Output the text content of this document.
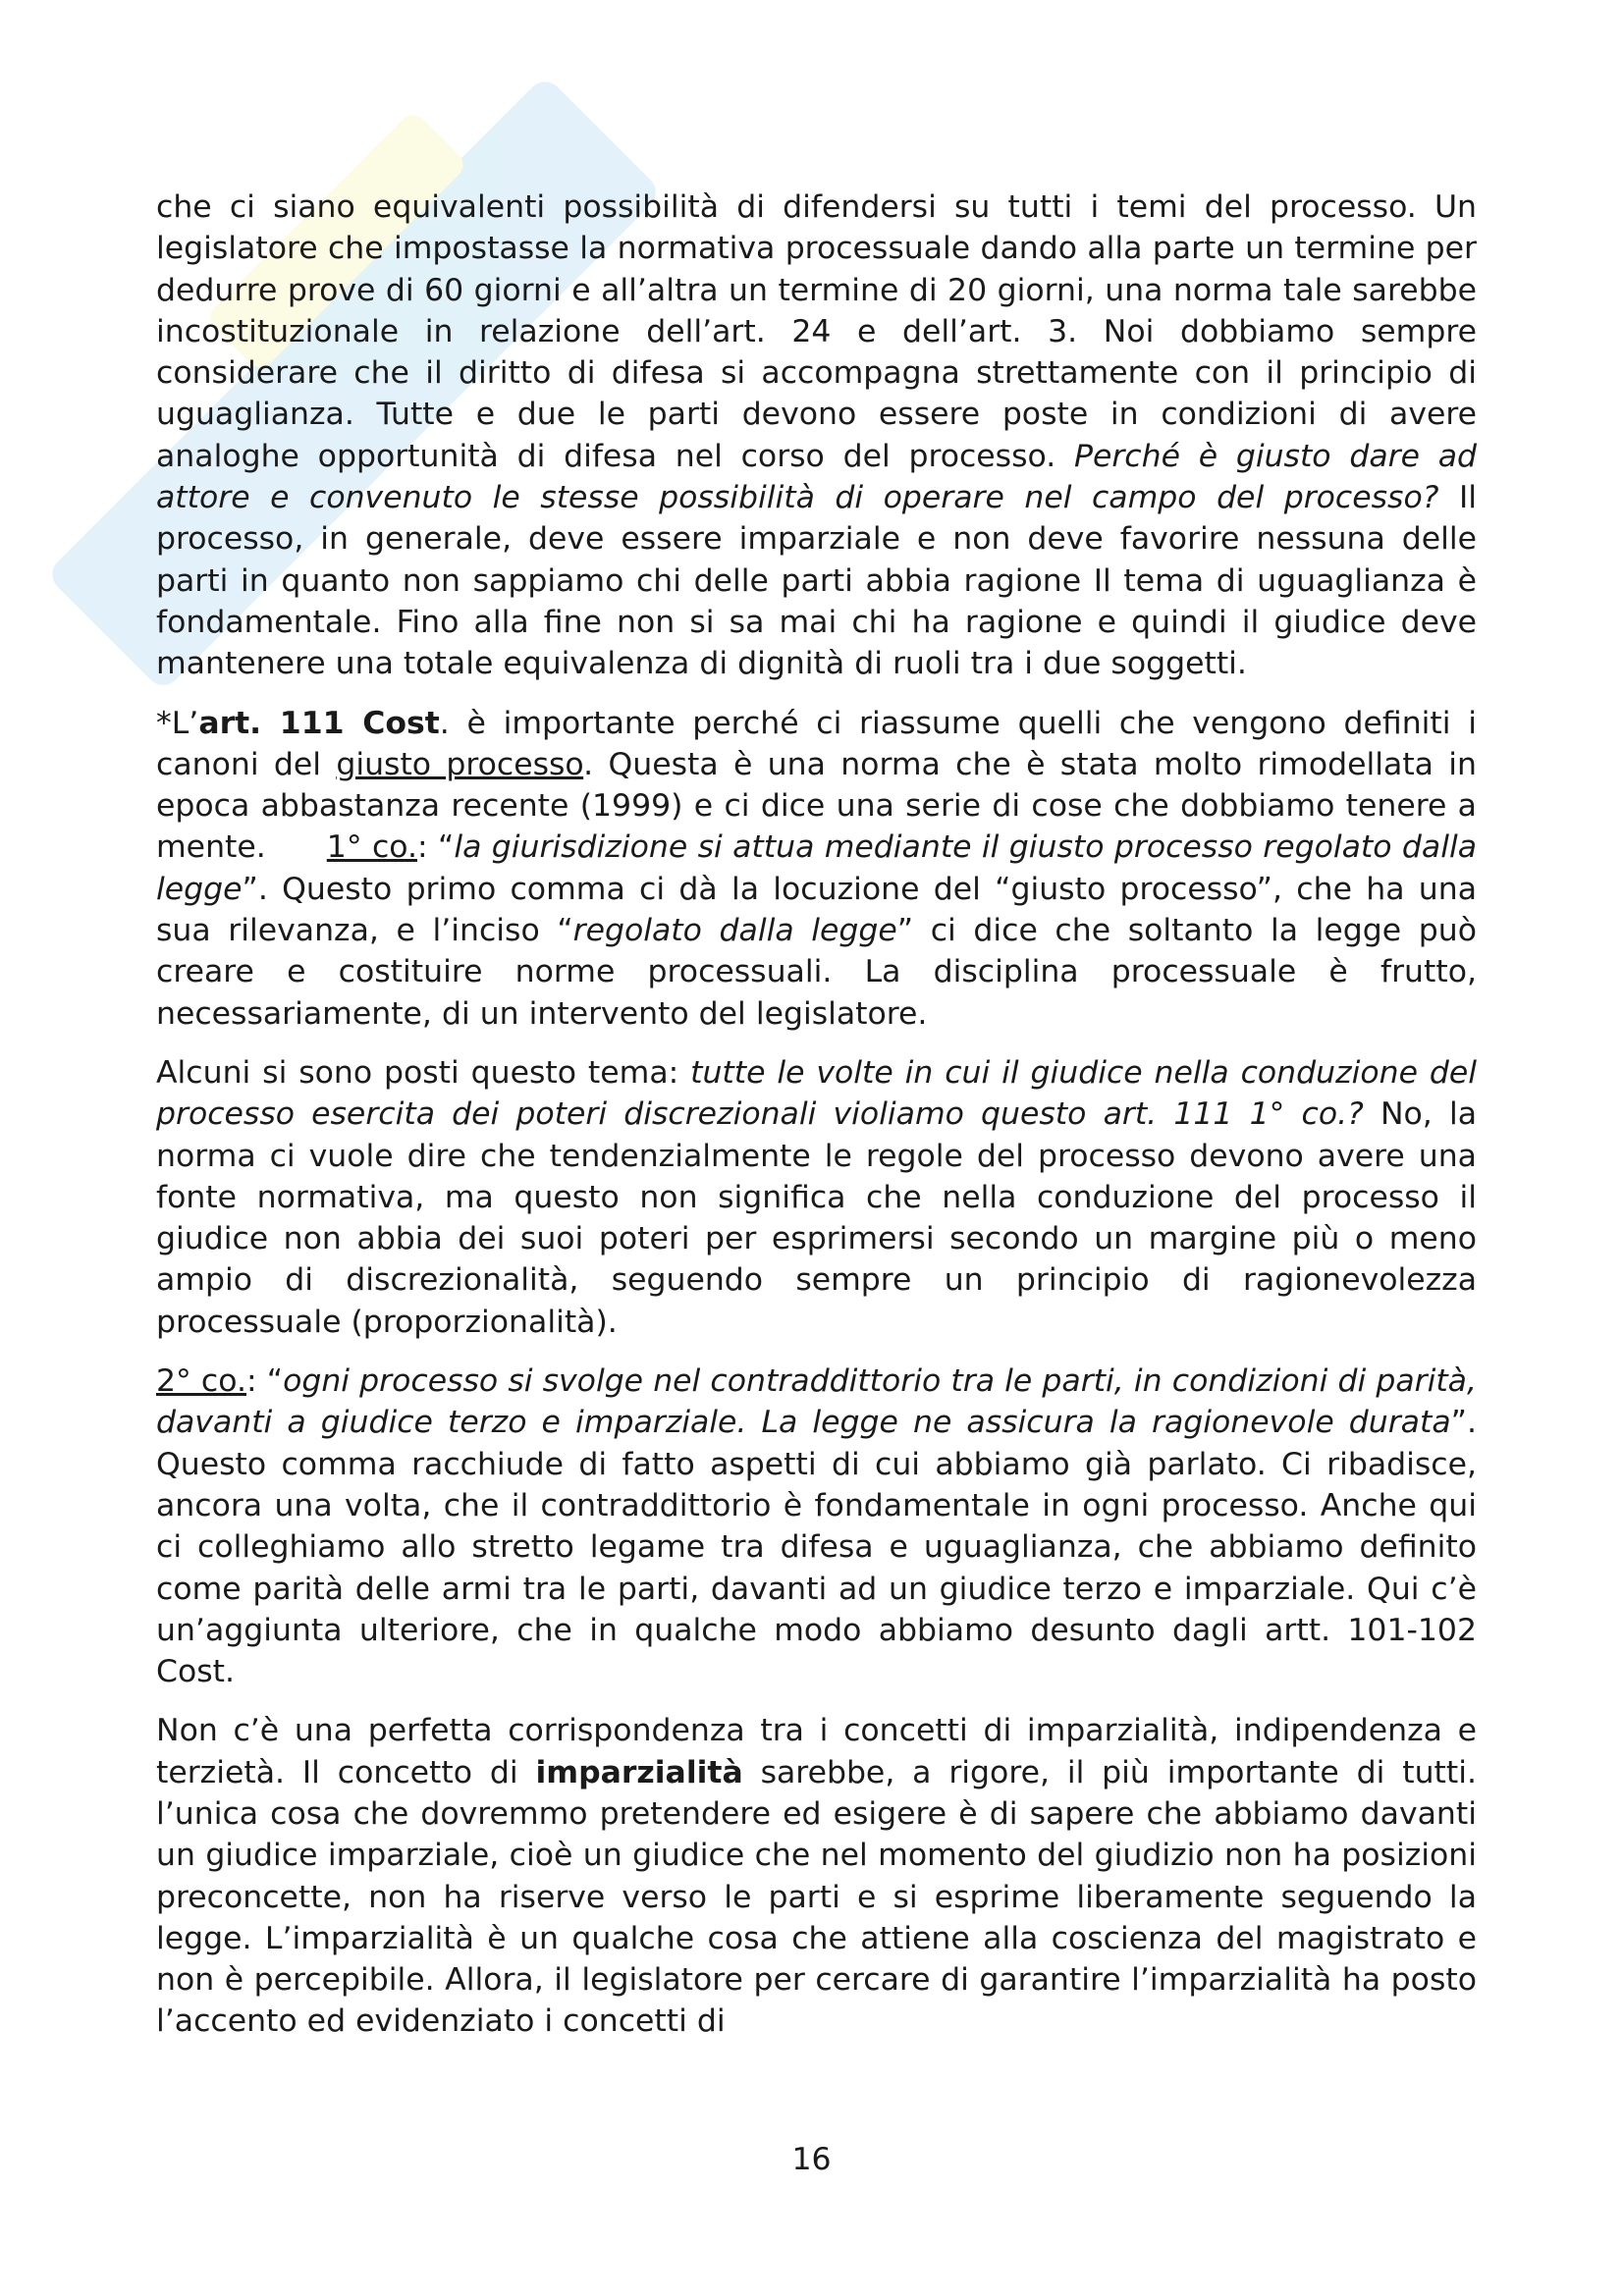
che ci siano equivalenti possibilità di difendersi su tutti i temi del processo. Un legislatore che impostasse la normativa processuale dando alla parte un termine per dedurre prove di 60 giorni e all’altra un termine di 20 giorni, una norma tale sarebbe incostituzionale in relazione dell’art. 24 e dell’art. 3. Noi dobbiamo sempre considerare che il diritto di difesa si accompagna strettamente con il principio di uguaglianza. Tutte e due le parti devono essere poste in condizioni di avere analoghe opportunità di difesa nel corso del processo. Perché è giusto dare ad attore e convenuto le stesse possibilità di operare nel campo del processo? Il processo, in generale, deve essere imparziale e non deve favorire nessuna delle parti in quanto non sappiamo chi delle parti abbia ragione Il tema di uguaglianza è fondamentale. Fino alla fine non si sa mai chi ha ragione e quindi il giudice deve mantenere una totale equivalenza di dignità di ruoli tra i due soggetti.

*L’art. 111 Cost. è importante perché ci riassume quelli che vengono definiti i canoni del giusto processo. Questa è una norma che è stata molto rimodellata in epoca abbastanza recente (1999) e ci dice una serie di cose che dobbiamo tenere a mente. 1° co.: “la giurisdizione si attua mediante il giusto processo regolato dalla legge”. Questo primo comma ci dà la locuzione del “giusto processo”, che ha una sua rilevanza, e l’inciso “regolato dalla legge” ci dice che soltanto la legge può creare e costituire norme processuali. La disciplina processuale è frutto, necessariamente, di un intervento del legislatore.

Alcuni si sono posti questo tema: tutte le volte in cui il giudice nella conduzione del processo esercita dei poteri discrezionali violiamo questo art. 111 1° co.? No, la norma ci vuole dire che tendenzialmente le regole del processo devono avere una fonte normativa, ma questo non significa che nella conduzione del processo il giudice non abbia dei suoi poteri per esprimersi secondo un margine più o meno ampio di discrezionalità, seguendo sempre un principio di ragionevolezza processuale (proporzionalità).

2° co.: “ogni processo si svolge nel contraddittorio tra le parti, in condizioni di parità, davanti a giudice terzo e imparziale. La legge ne assicura la ragionevole durata”. Questo comma racchiude di fatto aspetti di cui abbiamo già parlato. Ci ribadisce, ancora una volta, che il contraddittorio è fondamentale in ogni processo. Anche qui ci colleghiamo allo stretto legame tra difesa e uguaglianza, che abbiamo definito come parità delle armi tra le parti, davanti ad un giudice terzo e imparziale. Qui c’è un’aggiunta ulteriore, che in qualche modo abbiamo desunto dagli artt. 101-102 Cost.

Non c’è una perfetta corrispondenza tra i concetti di imparzialità, indipendenza e terzietà. Il concetto di imparzialità sarebbe, a rigore, il più importante di tutti. l’unica cosa che dovremmo pretendere ed esigere è di sapere che abbiamo davanti un giudice imparziale, cioè un giudice che nel momento del giudizio non ha posizioni preconcette, non ha riserve verso le parti e si esprime liberamente seguendo la legge. L’imparzialità è un qualche cosa che attiene alla coscienza del magistrato e non è percepibile. Allora, il legislatore per cercare di garantire l’imparzialità ha posto l’accento ed evidenziato i concetti di

16
